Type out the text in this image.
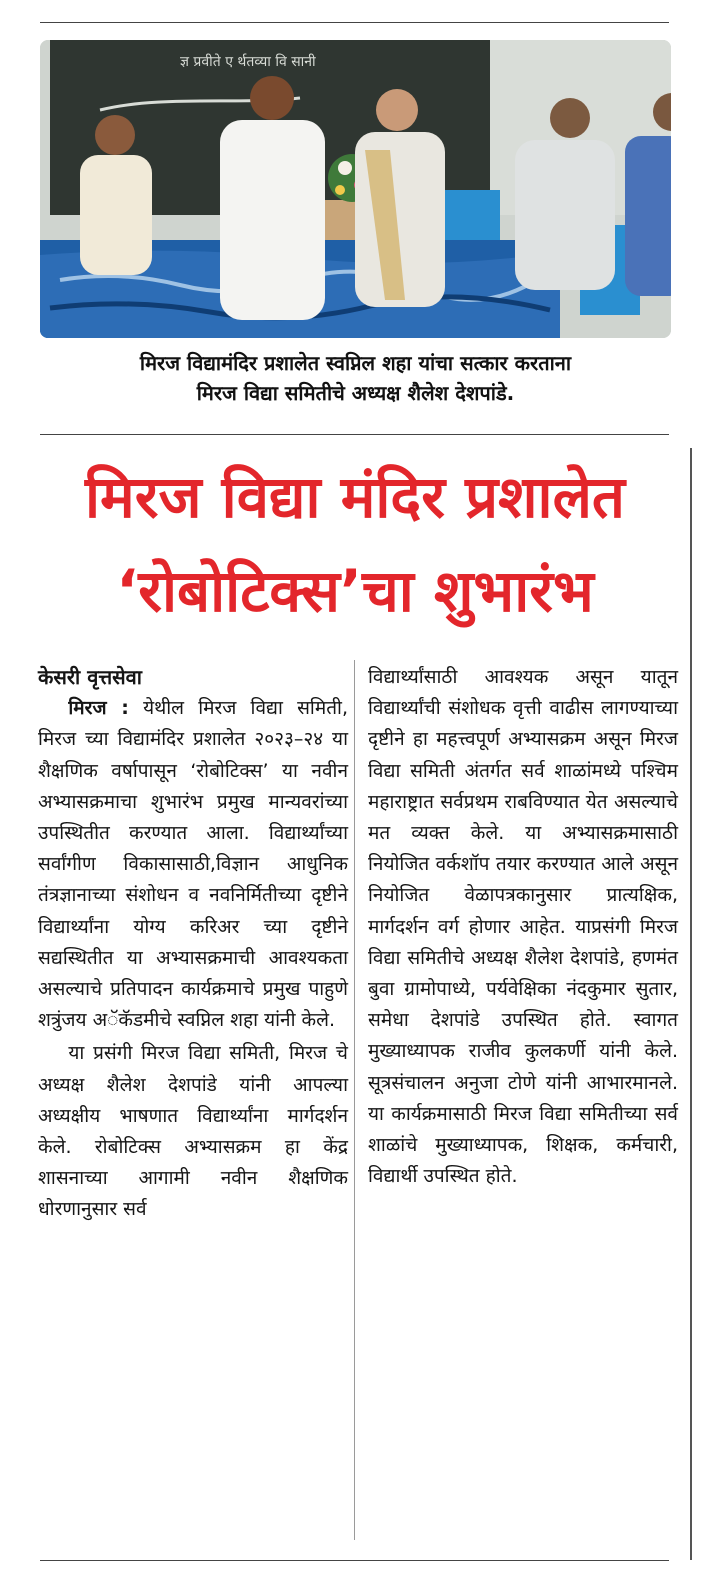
ज्ञ प्रवीते ए र्थतव्या वि सानी
मिरज विद्यामंदिर प्रशालेत स्वप्निल शहा यांचा सत्कार करताना
मिरज विद्या समितीचे अध्यक्ष शैलेश देशपांडे.
मिरज विद्या मंदिर प्रशालेत
‘रोबोटिक्स’चा शुभारंभ
केसरी वृत्तसेवा

मिरज : येथील मिरज विद्या समिती, मिरज च्या विद्यामंदिर प्रशालेत २०२३–२४ या शैक्षणिक वर्षापासून ‘रोबोटिक्स’ या नवीन अभ्यासक्रमाचा शुभारंभ प्रमुख मान्यवरांच्या उपस्थितीत करण्यात आला. विद्यार्थ्यांच्या सर्वांगीण विकासासाठी,विज्ञान आधुनिक तंत्रज्ञानाच्या संशोधन व नवनिर्मितीच्या दृष्टीने विद्यार्थ्यांना योग्य करिअर च्या दृष्टीने सद्यस्थितीत या अभ्यासक्रमाची आवश्यकता असल्याचे प्रतिपादन कार्यक्रमाचे प्रमुख पाहुणे शत्रुंजय अॅकॅडमीचे स्वप्निल शहा यांनी केले.

या प्रसंगी मिरज विद्या समिती, मिरज चे अध्यक्ष शैलेश देशपांडे यांनी आपल्या अध्यक्षीय भाषणात विद्यार्थ्यांना मार्गदर्शन केले. रोबोटिक्स अभ्यासक्रम हा केंद्र शासनाच्या आगामी नवीन शैक्षणिक धोरणानुसार सर्व

विद्यार्थ्यांसाठी आवश्यक असून यातून विद्यार्थ्यांची संशोधक वृत्ती वाढीस लागण्याच्या दृष्टीने हा महत्त्वपूर्ण अभ्यासक्रम असून मिरज विद्या समिती अंतर्गत सर्व शाळांमध्ये पश्चिम महाराष्ट्रात सर्वप्रथम राबविण्यात येत असल्याचे मत व्यक्त केले. या अभ्यासक्रमासाठी नियोजित वर्कशॉप तयार करण्यात आले असून नियोजित वेळापत्रकानुसार प्रात्यक्षिक, मार्गदर्शन वर्ग होणार आहेत. याप्रसंगी मिरज विद्या समितीचे अध्यक्ष शैलेश देशपांडे, हणमंत बुवा ग्रामोपाध्ये, पर्यवेक्षिका नंदकुमार सुतार, समेधा देशपांडे उपस्थित होते. स्वागत मुख्याध्यापक राजीव कुलकर्णी यांनी केले. सूत्रसंचालन अनुजा टोणे यांनी आभारमानले. या कार्यक्रमासाठी मिरज विद्या समितीच्या सर्व शाळांचे मुख्याध्यापक, शिक्षक, कर्मचारी, विद्यार्थी उपस्थित होते.
